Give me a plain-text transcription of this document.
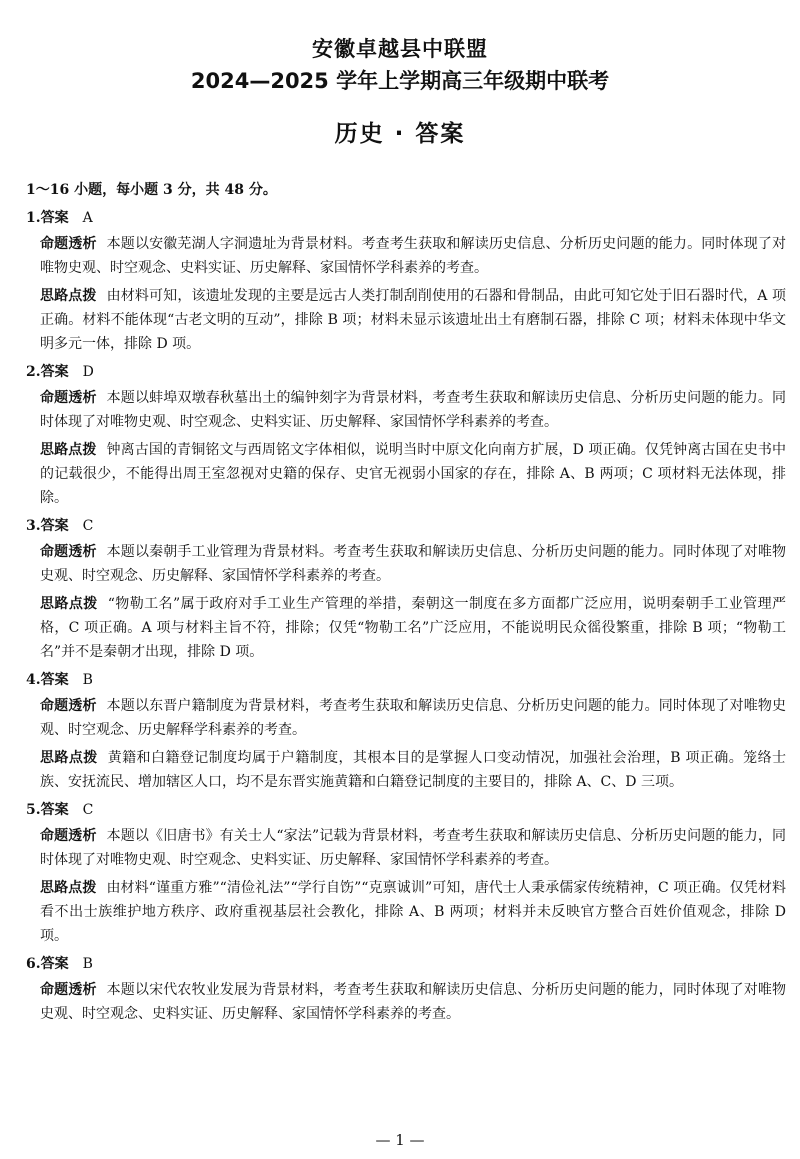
安徽卓越县中联盟
2024—2025 学年上学期高三年级期中联考
历史 · 答案

1～16 小题，每小题 3 分，共 48 分。

1.答案 A
命题透析 本题以安徽芜湖人字洞遗址为背景材料。考查考生获取和解读历史信息、分析历史问题的能力。同时体现了对唯物史观、时空观念、史料实证、历史解释、家国情怀学科素养的考查。
思路点拨 由材料可知，该遗址发现的主要是远古人类打制刮削使用的石器和骨制品，由此可知它处于旧石器时代，A 项正确。材料不能体现“古老文明的互动”，排除 B 项；材料未显示该遗址出土有磨制石器，排除 C 项；材料未体现中华文明多元一体，排除 D 项。
2.答案 D
命题透析 本题以蚌埠双墩春秋墓出土的编钟刻字为背景材料，考查考生获取和解读历史信息、分析历史问题的能力。同时体现了对唯物史观、时空观念、史料实证、历史解释、家国情怀学科素养的考查。
思路点拨 钟离古国的青铜铭文与西周铭文字体相似，说明当时中原文化向南方扩展，D 项正确。仅凭钟离古国在史书中的记载很少，不能得出周王室忽视对史籍的保存、史官无视弱小国家的存在，排除 A、B 两项；C 项材料无法体现，排除。
3.答案 C
命题透析 本题以秦朝手工业管理为背景材料。考查考生获取和解读历史信息、分析历史问题的能力。同时体现了对唯物史观、时空观念、历史解释、家国情怀学科素养的考查。
思路点拨 “物勒工名”属于政府对手工业生产管理的举措，秦朝这一制度在多方面都广泛应用，说明秦朝手工业管理严格，C 项正确。A 项与材料主旨不符，排除；仅凭“物勒工名”广泛应用，不能说明民众徭役繁重，排除 B 项；“物勒工名”并不是秦朝才出现，排除 D 项。
4.答案 B
命题透析 本题以东晋户籍制度为背景材料，考查考生获取和解读历史信息、分析历史问题的能力。同时体现了对唯物史观、时空观念、历史解释学科素养的考查。
思路点拨 黄籍和白籍登记制度均属于户籍制度，其根本目的是掌握人口变动情况，加强社会治理，B 项正确。笼络士族、安抚流民、增加辖区人口，均不是东晋实施黄籍和白籍登记制度的主要目的，排除 A、C、D 三项。
5.答案 C
命题透析 本题以《旧唐书》有关士人“家法”记载为背景材料，考查考生获取和解读历史信息、分析历史问题的能力，同时体现了对唯物史观、时空观念、史料实证、历史解释、家国情怀学科素养的考查。
思路点拨 由材料“谨重方雅”“清俭礼法”“学行自饬”“克禀诚训”可知，唐代士人秉承儒家传统精神，C 项正确。仅凭材料看不出士族维护地方秩序、政府重视基层社会教化，排除 A、B 两项；材料并未反映官方整合百姓价值观念，排除 D 项。
6.答案 B
命题透析 本题以宋代农牧业发展为背景材料，考查考生获取和解读历史信息、分析历史问题的能力，同时体现了对唯物史观、时空观念、史料实证、历史解释、家国情怀学科素养的考查。
— 1 —
